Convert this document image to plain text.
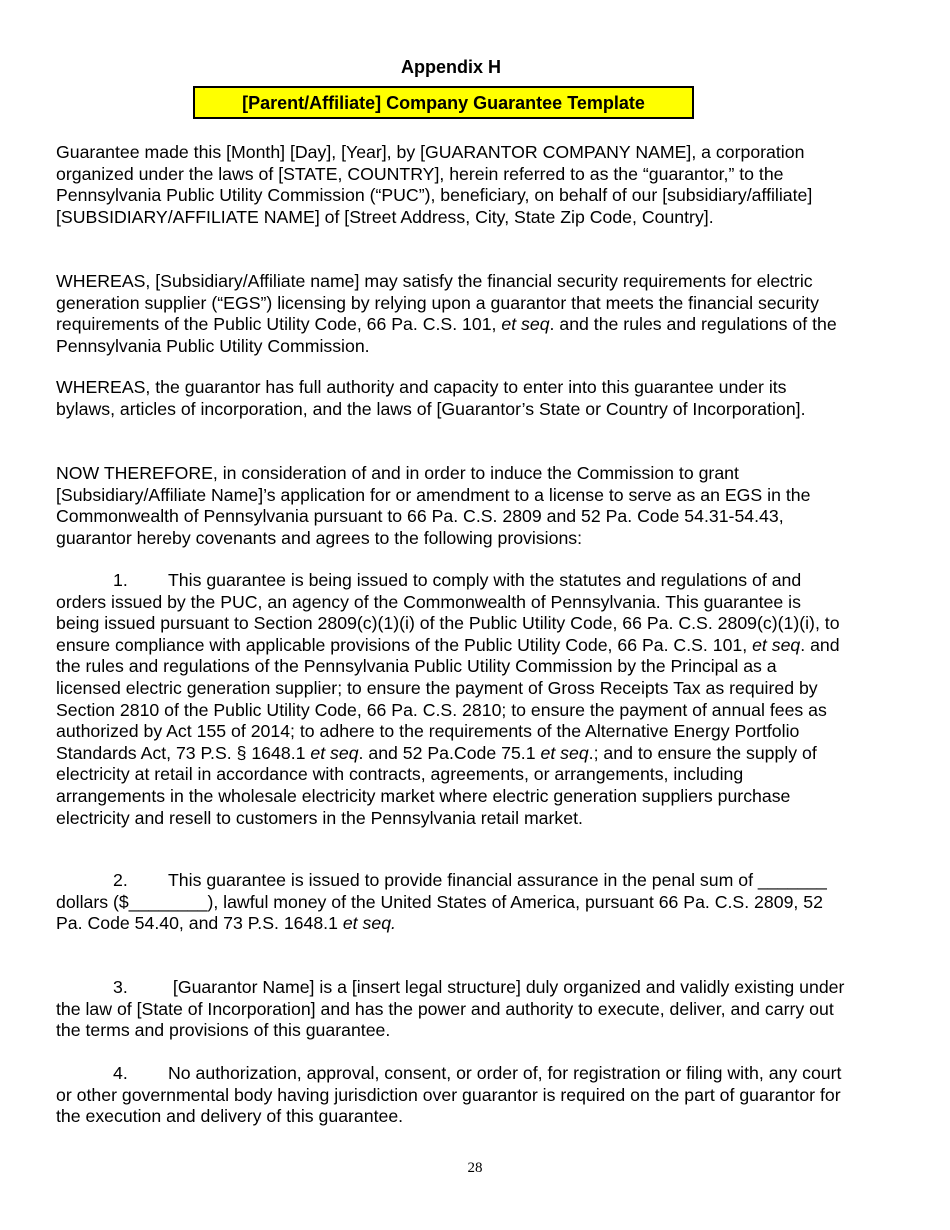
Appendix H
[Parent/Affiliate] Company Guarantee Template

Guarantee made this [Month] [Day], [Year], by [GUARANTOR COMPANY NAME], a corporation organized under the laws of [STATE, COUNTRY], herein referred to as the “guarantor,” to the Pennsylvania Public Utility Commission (“PUC”), beneficiary, on behalf of our [subsidiary/affiliate] [SUBSIDIARY/AFFILIATE NAME] of [Street Address, City, State Zip Code, Country].

WHEREAS, [Subsidiary/Affiliate name] may satisfy the financial security requirements for electric generation supplier (“EGS”) licensing by relying upon a guarantor that meets the financial security requirements of the Public Utility Code, 66 Pa. C.S. 101, et seq. and the rules and regulations of the Pennsylvania Public Utility Commission.

WHEREAS, the guarantor has full authority and capacity to enter into this guarantee under its bylaws, articles of incorporation, and the laws of [Guarantor’s State or Country of Incorporation].

NOW THEREFORE, in consideration of and in order to induce the Commission to grant [Subsidiary/Affiliate Name]’s application for or amendment to a license to serve as an EGS in the Commonwealth of Pennsylvania pursuant to 66 Pa. C.S. 2809 and 52 Pa. Code 54.31-54.43, guarantor hereby covenants and agrees to the following provisions:

1. This guarantee is being issued to comply with the statutes and regulations of and orders issued by the PUC, an agency of the Commonwealth of Pennsylvania. This guarantee is being issued pursuant to Section 2809(c)(1)(i) of the Public Utility Code, 66 Pa. C.S. 2809(c)(1)(i), to ensure compliance with applicable provisions of the Public Utility Code, 66 Pa. C.S. 101, et seq. and the rules and regulations of the Pennsylvania Public Utility Commission by the Principal as a licensed electric generation supplier; to ensure the payment of Gross Receipts Tax as required by Section 2810 of the Public Utility Code, 66 Pa. C.S. 2810; to ensure the payment of annual fees as authorized by Act 155 of 2014; to adhere to the requirements of the Alternative Energy Portfolio Standards Act, 73 P.S. § 1648.1 et seq. and 52 Pa.Code 75.1 et seq.; and to ensure the supply of electricity at retail in accordance with contracts, agreements, or arrangements, including arrangements in the wholesale electricity market where electric generation suppliers purchase electricity and resell to customers in the Pennsylvania retail market.

2. This guarantee is issued to provide financial assurance in the penal sum of _______ dollars ($________), lawful money of the United States of America, pursuant 66 Pa. C.S. 2809, 52 Pa. Code 54.40, and 73 P.S. 1648.1 et seq.

3. [Guarantor Name] is a [insert legal structure] duly organized and validly existing under the law of [State of Incorporation] and has the power and authority to execute, deliver, and carry out the terms and provisions of this guarantee.

4. No authorization, approval, consent, or order of, for registration or filing with, any court or other governmental body having jurisdiction over guarantor is required on the part of guarantor for the execution and delivery of this guarantee.

28
